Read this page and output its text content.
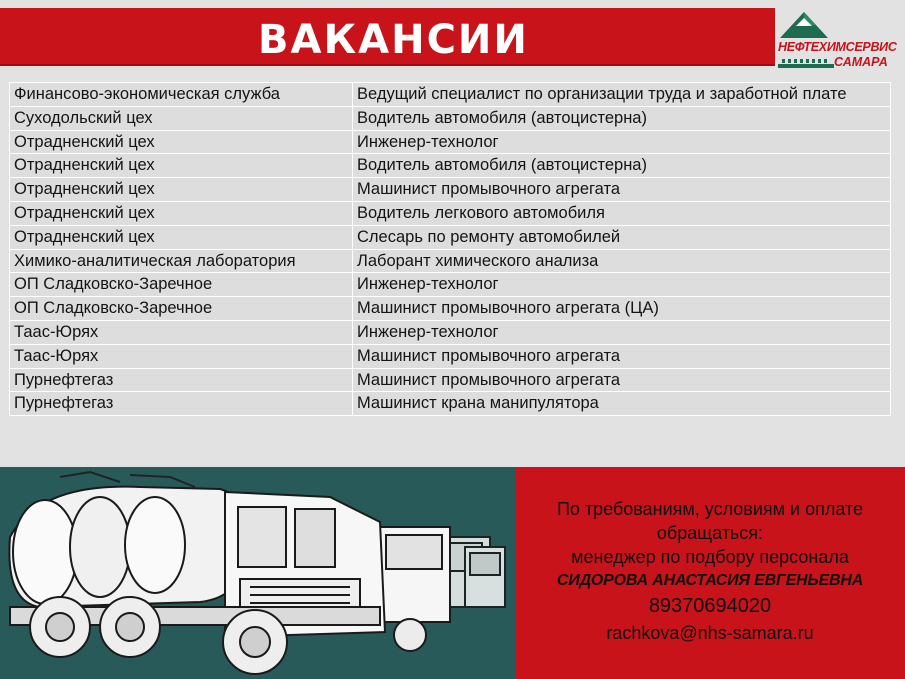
ВАКАНСИИ	НЕФТЕХИМСЕРВИС
САМАРА
Финансово-экономическая служба	Ведущий специалист по организации труда и заработной плате
Суходольский цех	Водитель автомобиля (автоцистерна)
Отрадненский цех	Инженер-технолог
Отрадненский цех	Водитель автомобиля (автоцистерна)
Отрадненский цех	Машинист промывочного агрегата
Отрадненский цех	Водитель легкового автомобиля
Отрадненский цех	Слесарь по ремонту автомобилей
Химико-аналитическая лаборатория	Лаборант химического анализа
ОП Сладковско-Заречное	Инженер-технолог
ОП Сладковско-Заречное	Машинист промывочного агрегата (ЦА)
Таас-Юрях	Инженер-технолог
Таас-Юрях	Машинист промывочного агрегата
Пурнефтегаз	Машинист промывочного агрегата
Пурнефтегаз	Машинист крана манипулятора
По требованиям, условиям и оплате
обращаться:
менеджер по подбору персонала
СИДОРОВА АНАСТАСИЯ ЕВГЕНЬЕВНА
89370694020
rachkova@nhs-samara.ru
